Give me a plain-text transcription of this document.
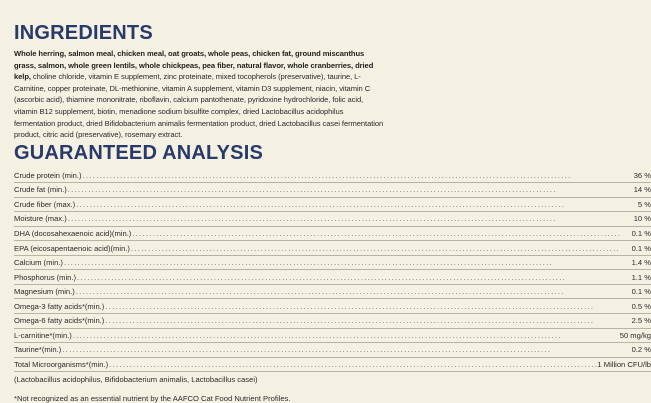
INGREDIENTS

Whole herring, salmon meal, chicken meal, oat groats, whole peas, chicken fat, ground miscanthus grass, salmon, whole green lentils, whole chickpeas, pea fiber, natural flavor, whole cranberries, dried kelp, choline chloride, vitamin E supplement, zinc proteinate, mixed tocopherols (preservative), taurine, L-Carnitine, copper proteinate, DL-methionine, vitamin A supplement, vitamin D3 supplement, niacin, vitamin C (ascorbic acid), thiamine mononitrate, riboflavin, calcium pantothenate, pyridoxine hydrochloride, folic acid, vitamin B12 supplement, biotin, menadione sodium bisulfite complex, dried Lactobacillus acidophilus fermentation product, dried Bifidobacterium animalis fermentation product, dried Lactobacillus casei fermentation product, citric acid (preservative), rosemary extract.

GUARANTEED ANALYSIS
Crude protein (min.) . . .	36 %

Crude fat (min.) . . .	14 %

Crude fiber (max.) . . .	5 %

Moisture (max.) . . .	10 %

DHA (docosahexaenoic acid)(min.) . . .	0.1 %

EPA (eicosapentaenoic acid)(min.) . . .	0.1 %

Calcium (min.) . . .	1.4 %

Phosphorus (min.) . . .	1.1 %

Magnesium (min.) . . .	0.1 %

Omega-3 fatty acids*(min.) . . .	0.5 %

Omega-6 fatty acids*(min.) . . .	2.5 %

L-carnitine*(min.) . . .	50 mg/kg

Taurine*(min.) . . .	0.2 %

Total Microorganisms*(min.) . . .	1 Million CFU/lb
(Lactobacillus acidophilus, Bifidobacterium animalis, Lactobacillus casei)
*Not recognized as an essential nutrient by the AAFCO Cat Food Nutrient Profiles.
